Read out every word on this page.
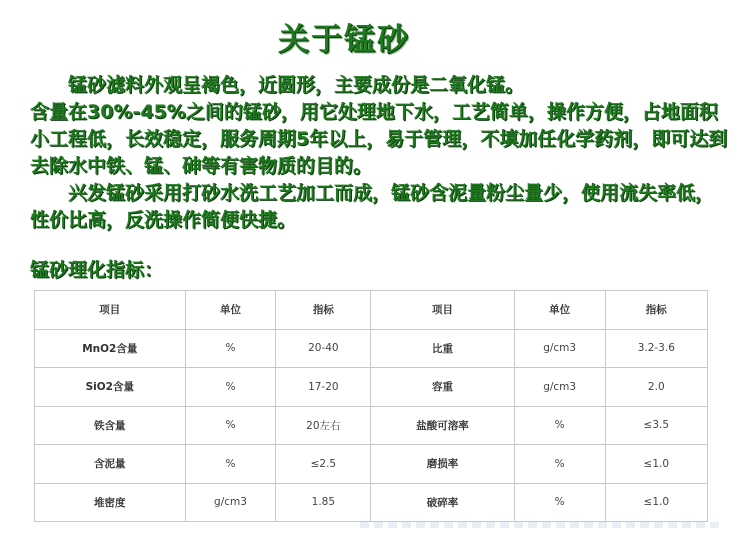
关于锰砂

锰砂滤料外观呈褐色，近圆形，主要成份是二氧化锰。

含量在30%-45%之间的锰砂，用它处理地下水，工艺简单，操作方便，占地面积小工程低，长效稳定，服务周期5年以上，易于管理，不填加任化学药剂，即可达到去除水中铁、锰、砷等有害物质的目的。

兴发锰砂采用打砂水洗工艺加工而成，锰砂含泥量粉尘量少，使用流失率低，性价比高，反洗操作简便快捷。

锰砂理化指标：
项目	单位	指标	项目	单位	指标
MnO2含量	%	20-40	比重	g/cm3	3.2-3.6
SiO2含量	%	17-20	容重	g/cm3	2.0
铁含量	%	20左右	盐酸可溶率	%	≤3.5
含泥量	%	≤2.5	磨损率	%	≤1.0
堆密度	g/cm3	1.85	破碎率	%	≤1.0
